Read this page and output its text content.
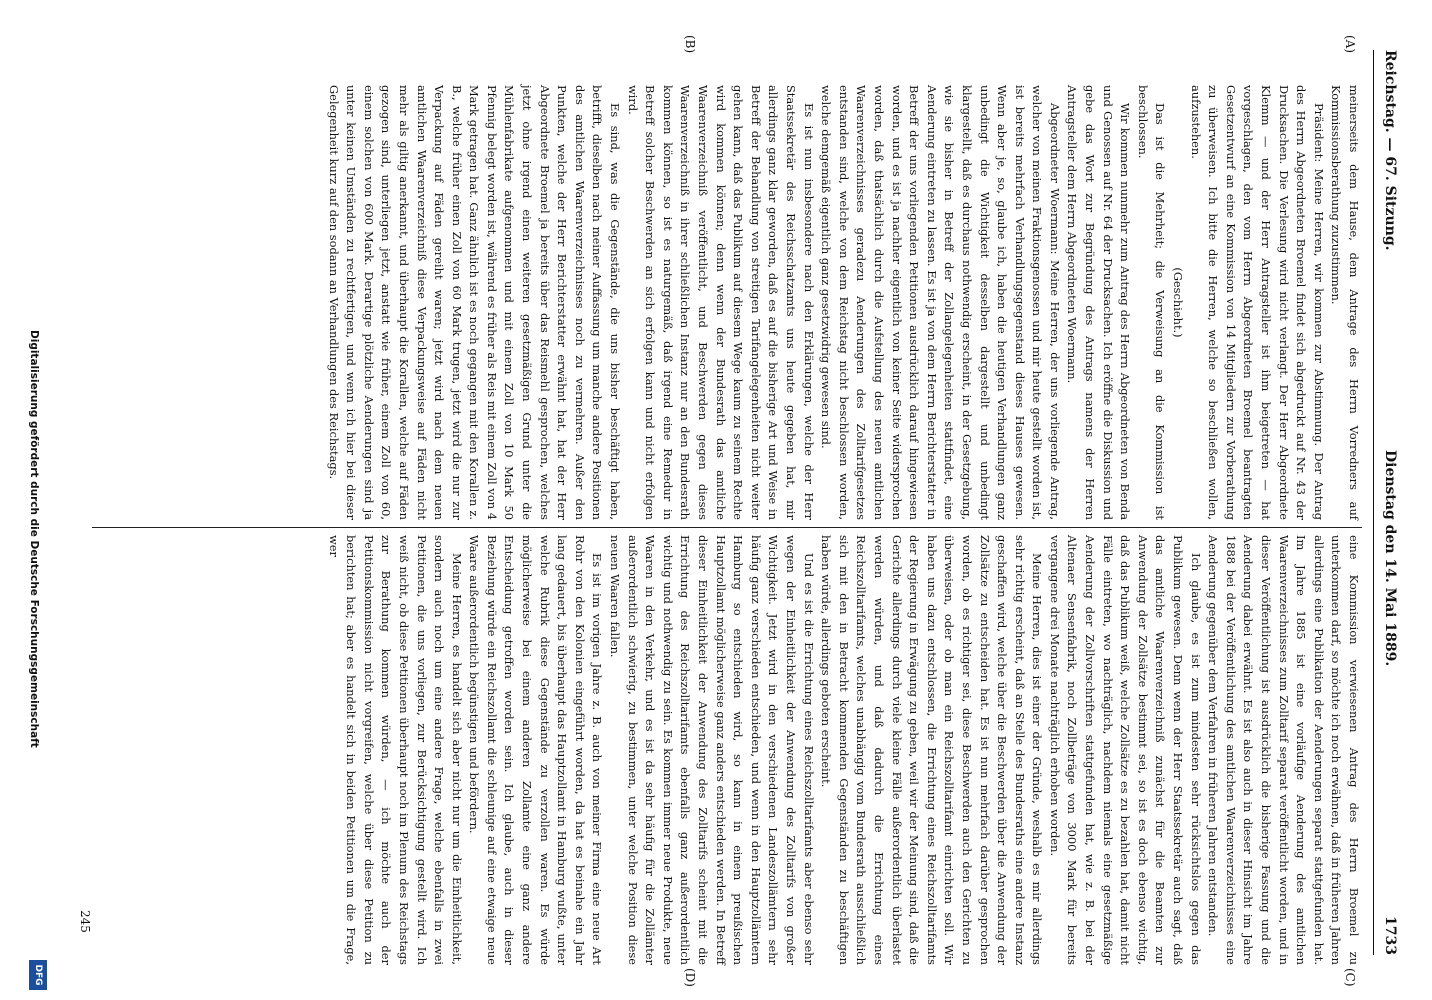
Reichstag. — 67. Sitzung.
Dienstag den 14. Mai 1889.
1733
(A)
(B)
(C)
(D)

meinerseits dem Hause, dem Antrage des Herrn Vorredners auf Kommissionsberathung zuzustimmen.

Präsident: Meine Herren, wir kommen zur Abstimmung. Der Antrag des Herrn Abgeordneten Broemel findet sich abgedruckt auf Nr. 43 der Drucksachen. Die Verlesung wird nicht verlangt. Der Herr Abgeordnete Klemm — und der Herr Antragsteller ist ihm beigetreten — hat vorgeschlagen, den vom Herrn Abgeordneten Broemel beantragten Gesetzentwurf an eine Kommission von 14 Mitgliedern zur Vorberathung zu überweisen. Ich bitte die Herren, welche so beschließen wollen, aufzustehen.

(Geschieht.)

Das ist die Mehrheit; die Verweisung an die Kommission ist beschlossen.

Wir kommen nunmehr zum Antrag des Herrn Abgeordneten von Benda und Genossen auf Nr. 64 der Drucksachen. Ich eröffne die Diskussion und gebe das Wort zur Begründung des Antrags namens der Herren Antragsteller dem Herrn Abgeordneten Woermann.

Abgeordneter Woermann: Meine Herren, der uns vorliegende Antrag, welcher von meinen Fraktionsgenossen und mir heute gestellt worden ist, ist bereits mehrfach Verhandlungsgegenstand dieses Hauses gewesen. Wenn aber je, so, glaube ich, haben die heutigen Verhandlungen ganz unbedingt die Wichtigkeit desselben dargestellt und unbedingt klargestellt, daß es durchaus nothwendig erscheint, in der Gesetzgebung, wie sie bisher in Betreff der Zollangelegenheiten stattfindet, eine Aenderung eintreten zu lassen. Es ist ja von dem Herrn Berichterstatter in Betreff der uns vorliegenden Petitionen ausdrücklich darauf hingewiesen worden, und es ist ja nachher eigentlich von keiner Seite widersprochen worden, daß thatsächlich durch die Aufstellung des neuen amtlichen Waarenverzeichnisses geradezu Aenderungen des Zolltarifgesetzes entstanden sind, welche von dem Reichstag nicht beschlossen worden, welche demgemäß eigentlich ganz gesetzwidrig gewesen sind.

Es ist nun insbesondere nach den Erklärungen, welche der Herr Staatssekretär des Reichsschatzamts uns heute gegeben hat, mir allerdings ganz klar geworden, daß es auf die bisherige Art und Weise in Betreff der Behandlung von streitigen Tarifangelegenheiten nicht weiter gehen kann, daß das Publikum auf diesem Wege kaum zu seinem Rechte wird kommen können; denn wenn der Bundesrath das amtliche Waarenverzeichniß veröffentlicht, und Beschwerden gegen dieses Waarenverzeichniß in ihrer schließlichen Instanz nur an den Bundesrath kommen können, so ist es naturgemäß, daß irgend eine Remedur in Betreff solcher Beschwerden an sich erfolgen kann und nicht erfolgen wird.

Es sind, was die Gegenstände, die uns bisher beschäftigt haben, betrifft, dieselben nach meiner Auffassung um manche andere Positionen des amtlichen Waarenverzeichnisses noch zu vermehren. Außer den Punkten, welche der Herr Berichterstatter erwähnt hat, hat der Herr Abgeordnete Broemel ja bereits über das Reismehl gesprochen, welches jetzt ohne irgend einen weiteren gesetzmäßigen Grund unter die Mühlenfabrikate aufgenommen und mit einem Zoll von 10 Mark 50 Pfennig belegt worden ist, während es früher als Reis mit einem Zoll von 4 Mark getragen hat. Ganz ähnlich ist es noch gegangen mit den Korallen z. B., welche früher einen Zoll von 60 Mark trugen, jetzt wird die nur zur Verpackung auf Fäden gereiht waren; jetzt wird nach dem neuen amtlichen Waarenverzeichniß diese Verpackungsweise auf Fäden nicht mehr als giltig anerkannt, und überhaupt die Korallen, welche auf Fäden gezogen sind, unterliegen jetzt, anstatt wie früher, einem Zoll von 60, einem solchen von 600 Mark. Derartige plötzliche Aenderungen sind ja unter keinen Umständen zu rechtfertigen, und wenn ich hier bei dieser Gelegenheit kurz auf den sodann an Verhandlungen des Reichstags.

eine Kommission verwiesenen Antrag des Herrn Broemel zu unterkommen darf, so möchte ich noch erwähnen, daß in früheren Jahren allerdings eine Publikation der Aenderungen separat stattgefunden hat. Im Jahre 1885 ist eine vorläufige Aenderung des amtlichen Waarenverzeichnisses zum Zolltarif separat veröffentlicht worden, und in dieser Veröffentlichung ist ausdrücklich die bisherige Fassung und die Aenderung dabei erwähnt. Es ist also auch in dieser Hinsicht im Jahre 1888 bei der Veröffentlichung des amtlichen Waarenverzeichnisses eine Aenderung gegenüber dem Verfahren in früheren Jahren entstanden.

Ich glaube, es ist zum mindesten sehr rücksichtslos gegen das Publikum gewesen. Denn wenn der Herr Staatssekretär auch sagt, daß das amtliche Waarenverzeichniß zunächst für die Beamten zur Anwendung der Zollsätze bestimmt sei, so ist es doch ebenso wichtig, daß das Publikum weiß, welche Zollsätze es zu bezahlen hat, damit nicht Fälle eintreten, wo nachträglich, nachdem niemals eine gesetzmäßige Aenderung der Zollvorschriften stattgefunden hat, wie z. B. bei der Altenaer Sensenfabrik, noch Zollbeträge von 3000 Mark für bereits vergangene drei Monate nachträglich erhoben worden.

Meine Herren, dies ist einer der Gründe, weshalb es mir allerdings sehr richtig erscheint, daß an Stelle des Bundesraths eine andere Instanz geschaffen wird, welche über die Beschwerden über die Anwendung der Zollsätze zu entscheiden hat. Es ist nun mehrfach darüber gesprochen worden, ob es richtiger sei, diese Beschwerden auch den Gerichten zu überweisen, oder ob man ein Reichszolltarifamt einrichten soll. Wir haben uns dazu entschlossen, die Errichtung eines Reichszolltarifamts der Regierung in Erwägung zu geben, weil wir der Meinung sind, daß die Gerichte allerdings durch viele kleine Fälle außerordentlich überlastet werden würden, und daß dadurch die Errichtung eines Reichszolltarifamts, welches unabhängig vom Bundesrath ausschließlich sich mit den in Betracht kommenden Gegenständen zu beschäftigen haben würde, allerdings geboten erscheint.

Und es ist die Errichtung eines Reichszolltarifamts aber ebenso sehr wegen der Einheitlichkeit der Anwendung des Zolltarifs von großer Wichtigkeit. Jetzt wird in den verschiedenen Landeszollämtern sehr häufig ganz verschieden entschieden, und wenn in den Hauptzollämtern Hamburg so entschieden wird, so kann in einem preußischen Hauptzollamt möglicherweise ganz anders entschieden werden. In Betreff dieser Einheitlichkeit der Anwendung des Zolltarifs scheint mit die Errichtung des Reichszolltarifamts ebenfalls ganz außerordentlich wichtig und nothwendig zu sein. Es kommen immer neue Produkte, neue Waaren in den Verkehr, und es ist da sehr häufig für die Zollämter außerordentlich schwierig, zu bestimmen, unter welche Position diese neuen Waaren fallen.

Es ist im vorigen Jahre z. B. auch von meiner Firma eine neue Art Rohr von den Kolonien eingeführt worden, da hat es beinahe ein Jahr lang gedauert, bis überhaupt das Hauptzollamt in Hamburg wußte, unter welche Rubrik diese Gegenstände zu verzollen waren. Es würde möglicherweise bei einem anderen Zollamte eine ganz andere Entscheidung getroffen worden sein. Ich glaube, auch in dieser Beziehung würde ein Reichszollamt die schleunige auf eine etwaige neue Waare außerordentlich begünstigen und befördern.

Meine Herren, es handelt sich aber nicht nur um die Einheitlichkeit, sondern auch noch um eine andere Frage, welche ebenfalls in zwei Petitionen, die uns vorliegen, zur Berücksichtigung gestellt wird. Ich weiß nicht, ob diese Petitionen überhaupt noch im Plenum des Reichstags zur Berathung kommen würden, — ich möchte auch der Petitionskommission nicht vorgreifen, welche über diese Petition zu berichten hat; aber es handelt sich in beiden Petitionen um die Frage, wer

245
Digitalisierung gefördert durch die Deutsche Forschungsgemeinschaft
DFG
